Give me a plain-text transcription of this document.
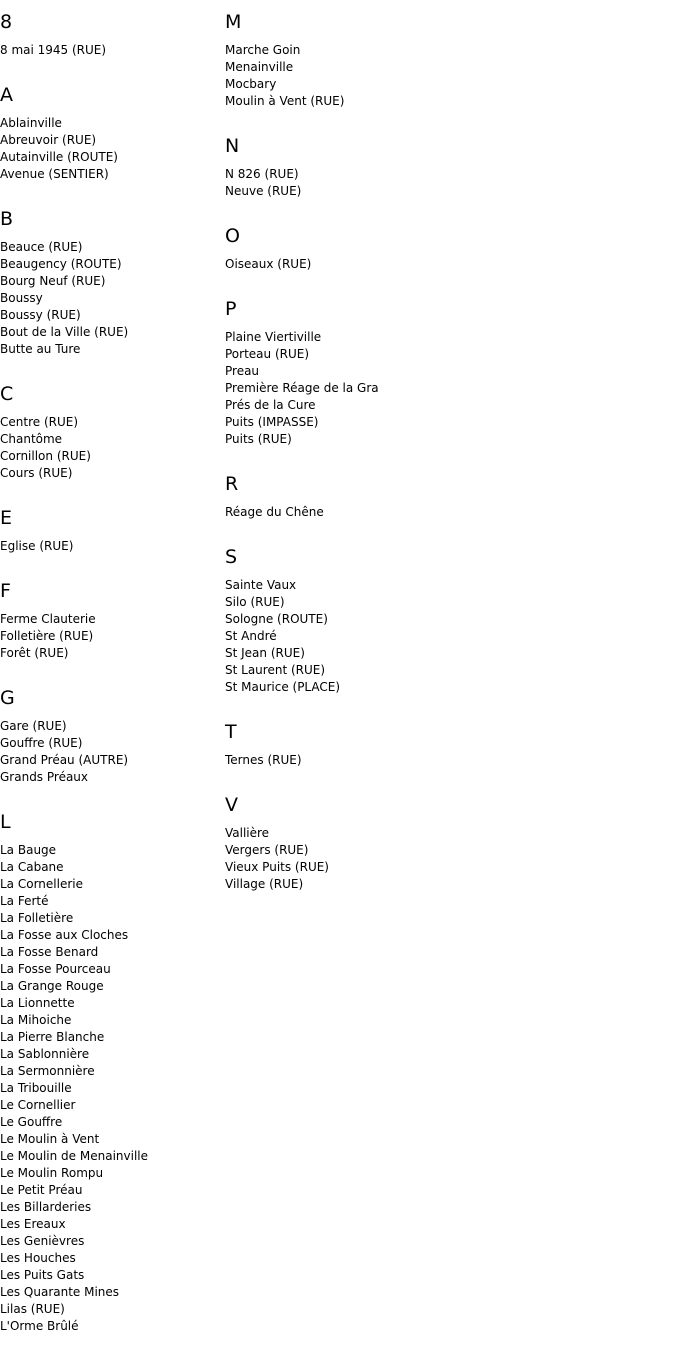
8
8 mai 1945 (RUE)
A
Ablainville
Abreuvoir (RUE)
Autainville (ROUTE)
Avenue (SENTIER)
B
Beauce (RUE)
Beaugency (ROUTE)
Bourg Neuf (RUE)
Boussy
Boussy (RUE)
Bout de la Ville (RUE)
Butte au Ture
C
Centre (RUE)
Chantôme
Cornillon (RUE)
Cours (RUE)
E
Eglise (RUE)
F
Ferme Clauterie
Folletière (RUE)
Forêt (RUE)
G
Gare (RUE)
Gouffre (RUE)
Grand Préau (AUTRE)
Grands Préaux
L
La Bauge
La Cabane
La Cornellerie
La Ferté
La Folletière
La Fosse aux Cloches
La Fosse Benard
La Fosse Pourceau
La Grange Rouge
La Lionnette
La Mihoiche
La Pierre Blanche
La Sablonnière
La Sermonnière
La Tribouille
Le Cornellier
Le Gouffre
Le Moulin à Vent
Le Moulin de Menainville
Le Moulin Rompu
Le Petit Préau
Les Billarderies
Les Ereaux
Les Genièvres
Les Houches
Les Puits Gats
Les Quarante Mines
Lilas (RUE)
L'Orme Brûlé
M
Marche Goin
Menainville
Mocbary
Moulin à Vent (RUE)
N
N 826 (RUE)
Neuve (RUE)
O
Oiseaux (RUE)
P
Plaine Viertiville
Porteau (RUE)
Preau
Première Réage de la Gra
Prés de la Cure
Puits (IMPASSE)
Puits (RUE)
R
Réage du Chêne
S
Sainte Vaux
Silo (RUE)
Sologne (ROUTE)
St André
St Jean (RUE)
St Laurent (RUE)
St Maurice (PLACE)
T
Ternes (RUE)
V
Vallière
Vergers (RUE)
Vieux Puits (RUE)
Village (RUE)
